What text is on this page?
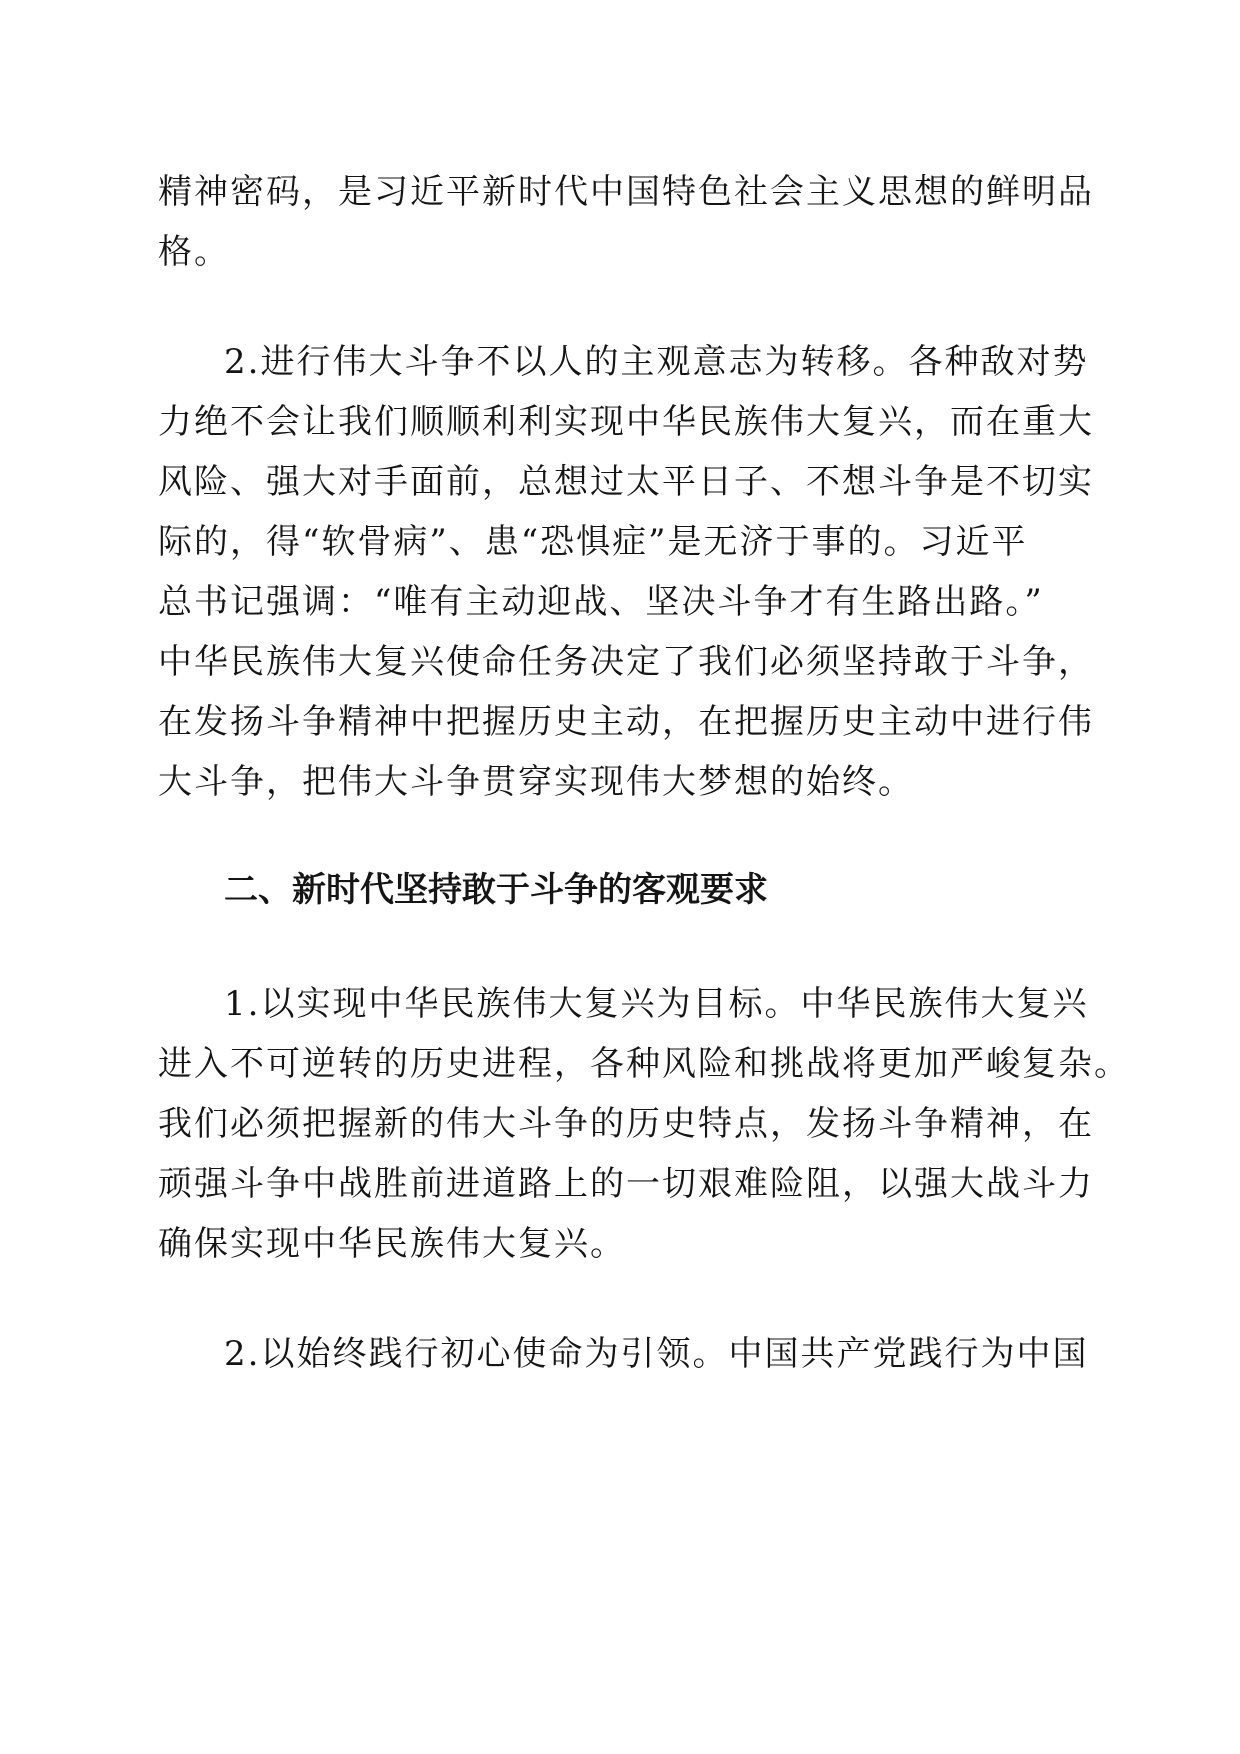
精神密码，是习近平新时代中国特色社会主义思想的鲜明品
格。
2.进行伟大斗争不以人的主观意志为转移。各种敌对势
力绝不会让我们顺顺利利实现中华民族伟大复兴，而在重大
风险、强大对手面前，总想过太平日子、不想斗争是不切实
际的，得“软骨病”、患“恐惧症”是无济于事的。习近平
总书记强调：“唯有主动迎战、坚决斗争才有生路出路。”
中华民族伟大复兴使命任务决定了我们必须坚持敢于斗争，
在发扬斗争精神中把握历史主动，在把握历史主动中进行伟
大斗争，把伟大斗争贯穿实现伟大梦想的始终。
二、新时代坚持敢于斗争的客观要求
1.以实现中华民族伟大复兴为目标。中华民族伟大复兴
进入不可逆转的历史进程，各种风险和挑战将更加严峻复杂。
我们必须把握新的伟大斗争的历史特点，发扬斗争精神，在
顽强斗争中战胜前进道路上的一切艰难险阻，以强大战斗力
确保实现中华民族伟大复兴。
2.以始终践行初心使命为引领。中国共产党践行为中国
